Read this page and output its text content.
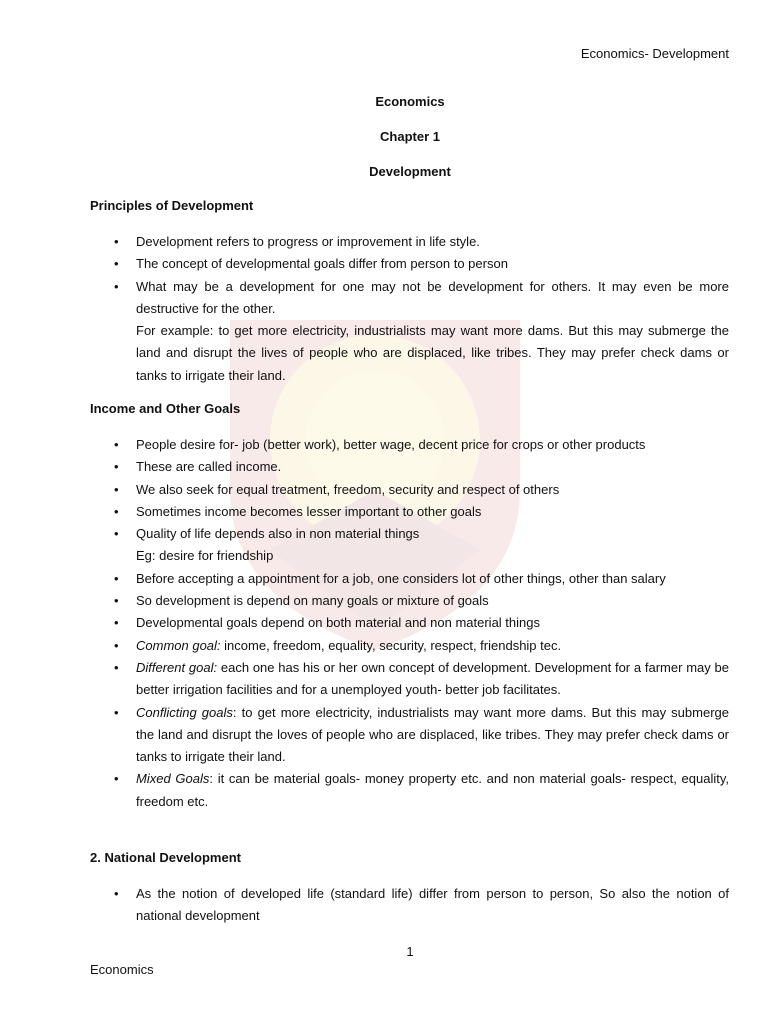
Economics- Development
Economics
Chapter 1
Development
Principles of Development
• Development refers to progress or improvement in life style.
• The concept of developmental goals differ from person to person
• What may be a development for one may not be development for others. It may even be more destructive for the other.
For example: to get more electricity, industrialists may want more dams. But this may submerge the land and disrupt the lives of people who are displaced, like tribes. They may prefer check dams or tanks to irrigate their land.
Income and Other Goals
• People desire for- job (better work), better wage, decent price for crops or other products
• These are called income.
• We also seek for equal treatment, freedom, security and respect of others
• Sometimes income becomes lesser important to other goals
• Quality of life depends also in non material things
Eg: desire for friendship
• Before accepting a appointment for a job, one considers lot of other things, other than salary
• So development is depend on many goals or mixture of goals
• Developmental goals depend on both material and non material things
• Common goal: income, freedom, equality, security, respect, friendship tec.
• Different goal: each one has his or her own concept of development. Development for a farmer may be better irrigation facilities and for a unemployed youth- better job facilitates.
• Conflicting goals: to get more electricity, industrialists may want more dams. But this may submerge the land and disrupt the loves of people who are displaced, like tribes. They may prefer check dams or tanks to irrigate their land.
• Mixed Goals: it can be material goals- money property etc. and non material goals- respect, equality, freedom etc.
2. National Development
• As the notion of developed life (standard life) differ from person to person, So also the notion of national development
1
Economics
